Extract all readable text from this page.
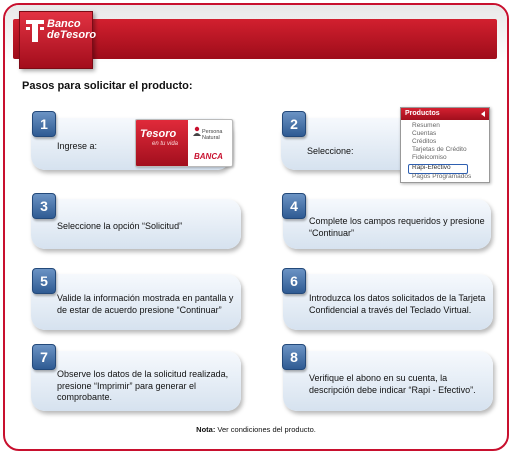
Banco
deTesoro
Pasos para solicitar el producto:
Ingrese a:
Tesoro
en tu vida
Persona Natural
BANCA
1
Seleccione:
2
Productos
Resumen
Cuentas
Créditos
Tarjetas de Crédito
Fideicomiso
Rapi-Efectivo
Pagos Programados
Seleccione la opción “Solicitud”
3
Complete los campos requeridos y presione “Continuar”
4
Valide la información mostrada en pantalla y de estar de acuerdo presione “Continuar”
5
Introduzca los datos solicitados de la Tarjeta Confidencial a través del Teclado Virtual.
6
Observe los datos de la solicitud realizada, presione “Imprimir” para generar el comprobante.
7
Verifique el abono en su cuenta, la descripción debe indicar “Rapi - Efectivo”.
8
Nota: Ver condiciones del producto.
